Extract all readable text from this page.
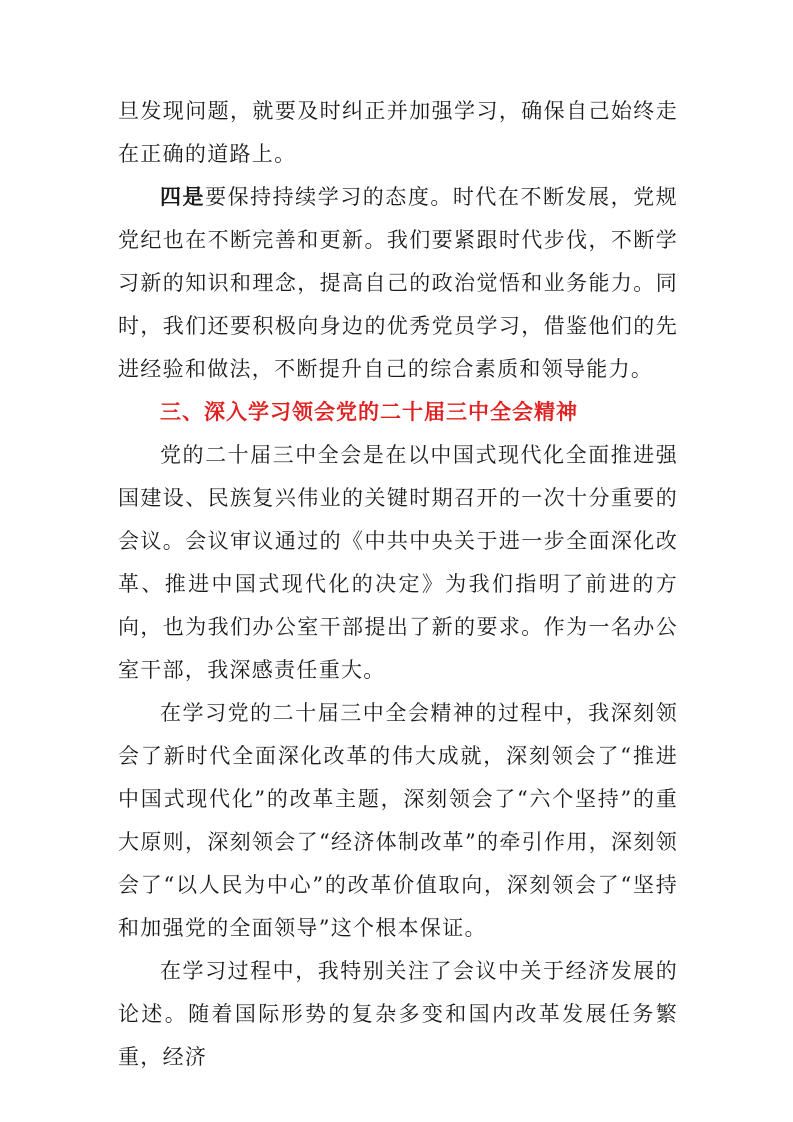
旦发现问题，就要及时纠正并加强学习，确保自己始终走在正确的道路上。

四是要保持持续学习的态度。时代在不断发展，党规党纪也在不断完善和更新。我们要紧跟时代步伐，不断学习新的知识和理念，提高自己的政治觉悟和业务能力。同时，我们还要积极向身边的优秀党员学习，借鉴他们的先进经验和做法，不断提升自己的综合素质和领导能力。

三、深入学习领会党的二十届三中全会精神

党的二十届三中全会是在以中国式现代化全面推进强国建设、民族复兴伟业的关键时期召开的一次十分重要的会议。会议审议通过的《中共中央关于进一步全面深化改革、推进中国式现代化的决定》为我们指明了前进的方向，也为我们办公室干部提出了新的要求。作为一名办公室干部，我深感责任重大。

在学习党的二十届三中全会精神的过程中，我深刻领会了新时代全面深化改革的伟大成就，深刻领会了“推进中国式现代化”的改革主题，深刻领会了“六个坚持”的重大原则，深刻领会了“经济体制改革”的牵引作用，深刻领会了“以人民为中心”的改革价值取向，深刻领会了“坚持和加强党的全面领导”这个根本保证。

在学习过程中，我特别关注了会议中关于经济发展的论述。随着国际形势的复杂多变和国内改革发展任务繁重，经济
